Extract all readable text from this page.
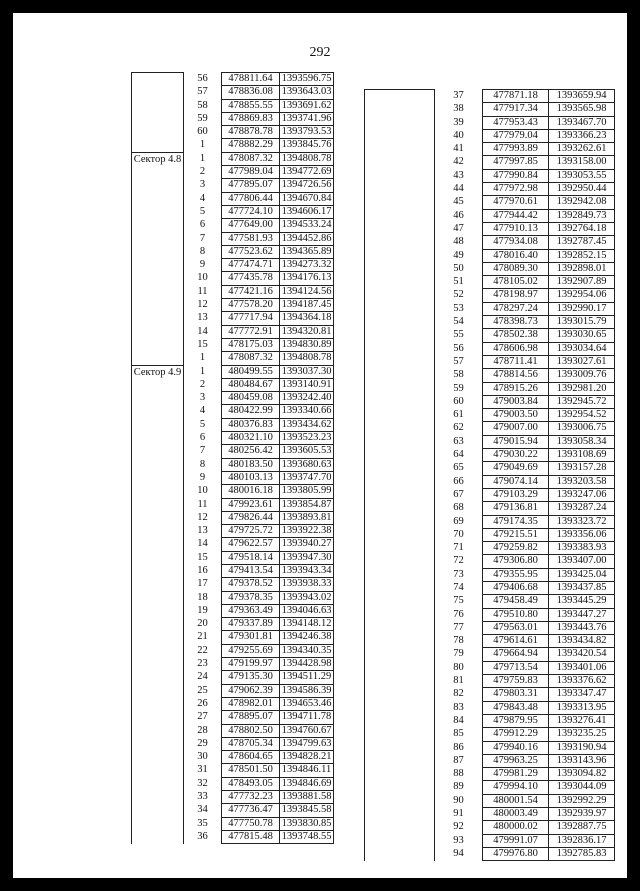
292
	56	478811.64	1393596.75
	57	478836.08	1393643.03
	58	478855.55	1393691.62
	59	478869.83	1393741.96
	60	478878.78	1393793.53
	1	478882.29	1393845.76

Сектор 4.8	1	478087.32	1394808.78
	2	477989.04	1394772.69
	3	477895.07	1394726.56
	4	477806.44	1394670.84
	5	477724.10	1394606.17
	6	477649.00	1394533.24
	7	477581.93	1394452.86
	8	477523.62	1394365.89
	9	477474.71	1394273.32
	10	477435.78	1394176.13
	11	477421.16	1394124.56
	12	477578.20	1394187.45
	13	477717.94	1394364.18
	14	477772.91	1394320.81
	15	478175.03	1394830.89
	1	478087.32	1394808.78

Сектор 4.9	1	480499.55	1393037.30
	2	480484.67	1393140.91
	3	480459.08	1393242.40
	4	480422.99	1393340.66
	5	480376.83	1393434.62
	6	480321.10	1393523.23
	7	480256.42	1393605.53
	8	480183.50	1393680.63
	9	480103.13	1393747.70
	10	480016.18	1393805.99
	11	479923.61	1393854.87
	12	479826.44	1393893.81
	13	479725.72	1393922.38
	14	479622.57	1393940.27
	15	479518.14	1393947.30
	16	479413.54	1393943.34
	17	479378.52	1393938.33
	18	479378.35	1393943.02
	19	479363.49	1394046.63
	20	479337.89	1394148.12
	21	479301.81	1394246.38
	22	479255.69	1394340.35
	23	479199.97	1394428.98
	24	479135.30	1394511.29
	25	479062.39	1394586.39
	26	478982.01	1394653.46
	27	478895.07	1394711.78
	28	478802.50	1394760.67
	29	478705.34	1394799.63
	30	478604.65	1394828.21
	31	478501.50	1394846.11
	32	478493.05	1394846.69
	33	477732.23	1393881.58
	34	477736.47	1393845.58
	35	477750.78	1393830.85
	36	477815.48	1393748.55
	37	477871.18	1393659.94
	38	477917.34	1393565.98
	39	477953.43	1393467.70
	40	477979.04	1393366.23
	41	477993.89	1393262.61
	42	477997.85	1393158.00
	43	477990.84	1393053.55
	44	477972.98	1392950.44
	45	477970.61	1392942.08
	46	477944.42	1392849.73
	47	477910.13	1392764.18
	48	477934.08	1392787.45
	49	478016.40	1392852.15
	50	478089.30	1392898.01
	51	478105.02	1392907.89
	52	478198.97	1392954.06
	53	478297.24	1392990.17
	54	478398.73	1393015.79
	55	478502.38	1393030.65
	56	478606.98	1393034.64
	57	478711.41	1393027.61
	58	478814.56	1393009.76
	59	478915.26	1392981.20
	60	479003.84	1392945.72
	61	479003.50	1392954.52
	62	479007.00	1393006.75
	63	479015.94	1393058.34
	64	479030.22	1393108.69
	65	479049.69	1393157.28
	66	479074.14	1393203.58
	67	479103.29	1393247.06
	68	479136.81	1393287.24
	69	479174.35	1393323.72
	70	479215.51	1393356.06
	71	479259.82	1393383.93
	72	479306.80	1393407.00
	73	479355.95	1393425.04
	74	479406.68	1393437.85
	75	479458.49	1393445.29
	76	479510.80	1393447.27
	77	479563.01	1393443.76
	78	479614.61	1393434.82
	79	479664.94	1393420.54
	80	479713.54	1393401.06
	81	479759.83	1393376.62
	82	479803.31	1393347.47
	83	479843.48	1393313.95
	84	479879.95	1393276.41
	85	479912.29	1393235.25
	86	479940.16	1393190.94
	87	479963.25	1393143.96
	88	479981.29	1393094.82
	89	479994.10	1393044.09
	90	480001.54	1392992.29
	91	480003.49	1392939.97
	92	480000.02	1392887.75
	93	479991.07	1392836.17
	94	479976.80	1392785.83
